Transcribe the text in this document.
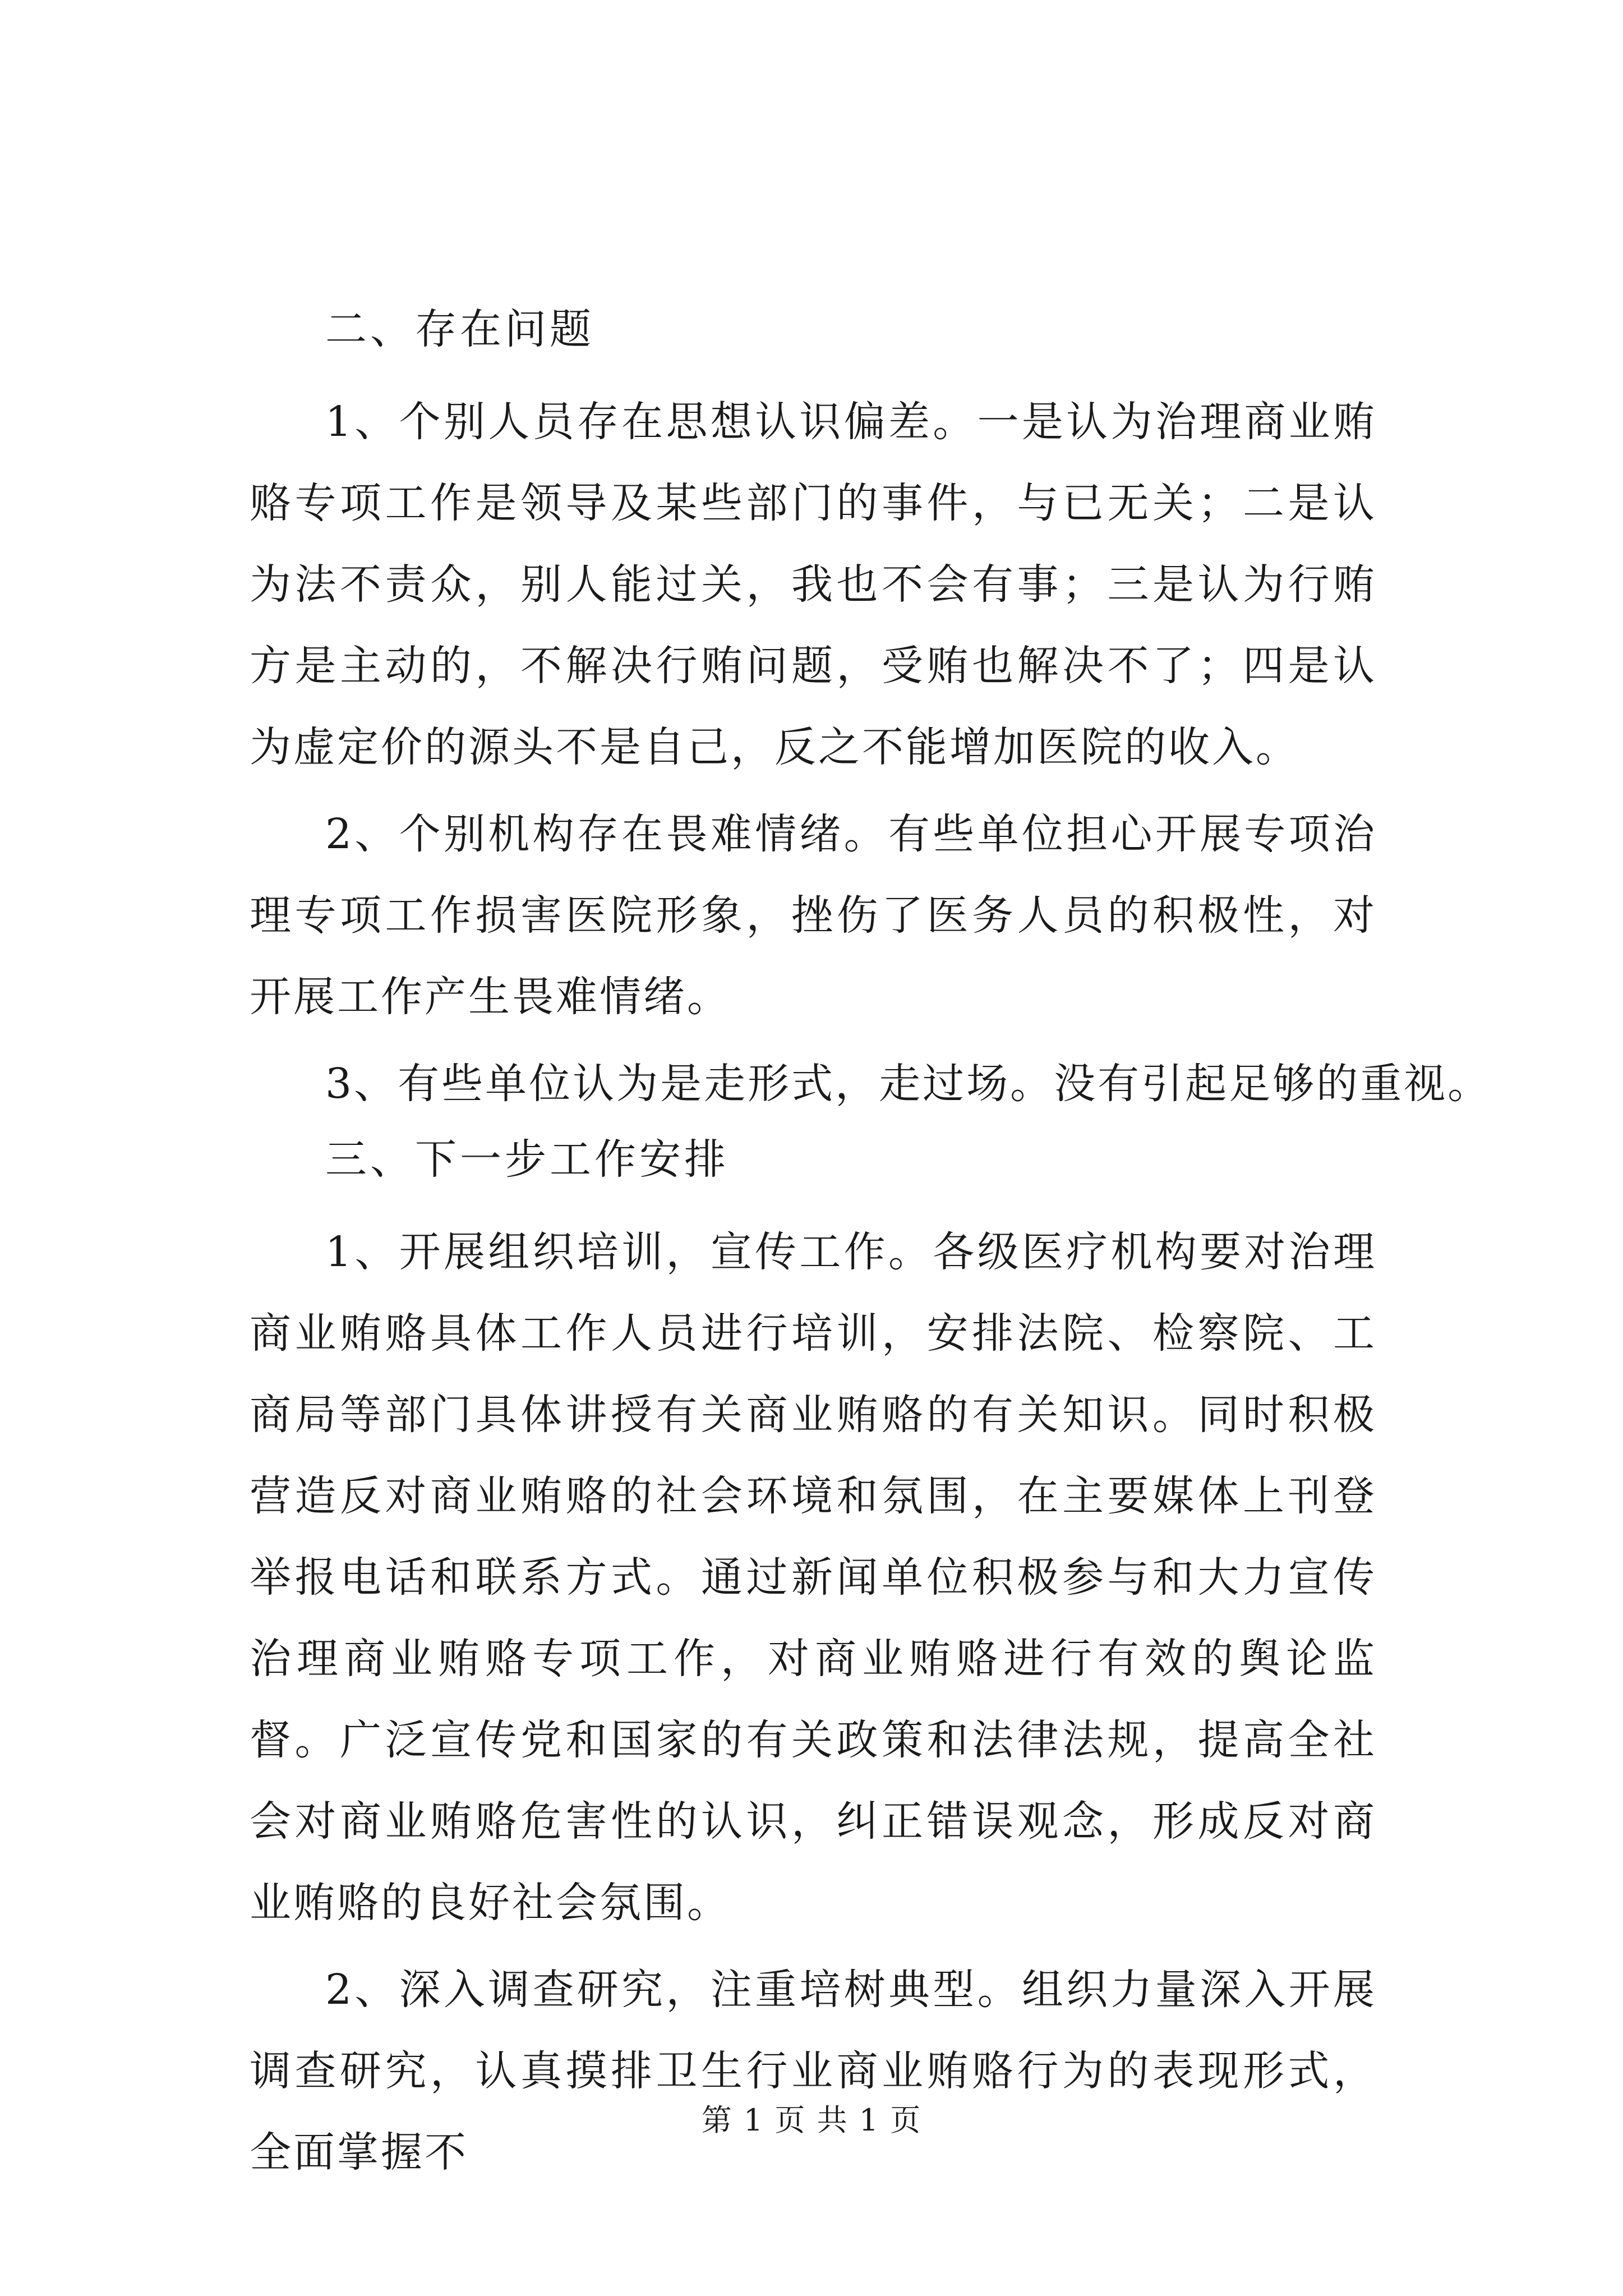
二、存在问题

1、个别人员存在思想认识偏差。一是认为治理商业贿赂专项工作是领导及某些部门的事件，与已无关；二是认为法不责众，别人能过关，我也不会有事；三是认为行贿方是主动的，不解决行贿问题，受贿也解决不了；四是认为虚定价的源头不是自己，反之不能增加医院的收入。

2、个别机构存在畏难情绪。有些单位担心开展专项治理专项工作损害医院形象，挫伤了医务人员的积极性，对开展工作产生畏难情绪。

3、有些单位认为是走形式，走过场。没有引起足够的重视。

三、下一步工作安排

1、开展组织培训，宣传工作。各级医疗机构要对治理商业贿赂具体工作人员进行培训，安排法院、检察院、工商局等部门具体讲授有关商业贿赂的有关知识。同时积极营造反对商业贿赂的社会环境和氛围，在主要媒体上刊登举报电话和联系方式。通过新闻单位积极参与和大力宣传治理商业贿赂专项工作，对商业贿赂进行有效的舆论监督。广泛宣传党和国家的有关政策和法律法规，提高全社会对商业贿赂危害性的认识，纠正错误观念，形成反对商业贿赂的良好社会氛围。

2、深入调查研究，注重培树典型。组织力量深入开展调查研究，认真摸排卫生行业商业贿赂行为的表现形式，全面掌握不

第 1 页 共 1 页
